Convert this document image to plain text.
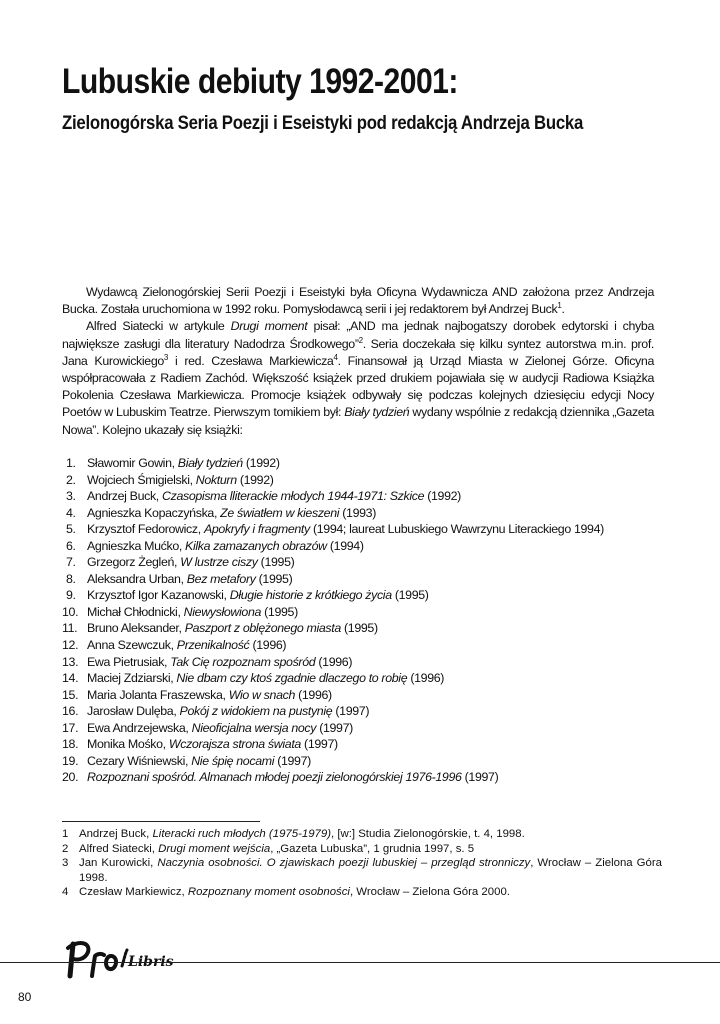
Lubuskie debiuty 1992-2001:
Zielonogórska Seria Poezji i Eseistyki pod redakcją Andrzeja Bucka

Wydawcą Zielonogórskiej Serii Poezji i Eseistyki była Oficyna Wydawnicza AND założona przez Andrzeja Bucka. Została uruchomiona w 1992 roku. Pomysłodawcą serii i jej redaktorem był Andrzej Buck$^1$.

Alfred Siatecki w artykule Drugi moment pisał: „AND ma jednak najbogatszy dorobek edytorski i chyba największe zasługi dla literatury Nadodrza Środkowego”$^2$. Seria doczekała się kilku syntez autorstwa m.in. prof. Jana Kurowickiego$^3$ i red. Czesława Markiewicza$^4$. Finansował ją Urząd Miasta w Zielonej Górze. Oficyna współpracowała z Radiem Zachód. Większość książek przed drukiem pojawiała się w audycji Radiowa Książka Pokolenia Czesława Markiewicza. Promocje książek odbywały się podczas kolejnych dziesięciu edycji Nocy Poetów w Lubuskim Teatrze. Pierwszym tomikiem był: Biały tydzień wydany wspólnie z redakcją dziennika „Gazeta Nowa”. Kolejno ukazały się książki:

1. Sławomir Gowin, Biały tydzień (1992)
2. Wojciech Śmigielski, Nokturn (1992)
3. Andrzej Buck, Czasopisma lliterackie młodych 1944-1971: Szkice (1992)
4. Agnieszka Kopaczyńska, Ze światłem w kieszeni (1993)
5. Krzysztof Fedorowicz, Apokryfy i fragmenty (1994; laureat Lubuskiego Wawrzynu Literackiego 1994)
6. Agnieszka Mućko, Kilka zamazanych obrazów (1994)
7. Grzegorz Żegleń, W lustrze ciszy (1995)
8. Aleksandra Urban, Bez metafory (1995)
9. Krzysztof Igor Kazanowski, Długie historie z krótkiego życia (1995)
10. Michał Chłodnicki, Niewysłowiona (1995)
11. Bruno Aleksander, Paszport z oblężonego miasta (1995)
12. Anna Szewczuk, Przenikalność (1996)
13. Ewa Pietrusiak, Tak Cię rozpoznam spośród (1996)
14. Maciej Zdziarski, Nie dbam czy ktoś zgadnie dlaczego to robię (1996)
15. Maria Jolanta Fraszewska, Wio w snach (1996)
16. Jarosław Dulęba, Pokój z widokiem na pustynię (1997)
17. Ewa Andrzejewska, Nieoficjalna wersja nocy (1997)
18. Monika Mośko, Wczorajsza strona świata (1997)
19. Cezary Wiśniewski, Nie śpię nocami (1997)
20. Rozpoznani spośród. Almanach młodej poezji zielonogórskiej 1976-1996 (1997)
1 Andrzej Buck, Literacki ruch młodych (1975-1979), [w:] Studia Zielonogórskie, t. 4, 1998.
2 Alfred Siatecki, Drugi moment wejścia, „Gazeta Lubuska”, 1 grudnia 1997, s. 5
3 Jan Kurowicki, Naczynia osobności. O zjawiskach poezji lubuskiej – przegląd stronniczy, Wrocław – Zielona Góra 1998.
4 Czesław Markiewicz, Rozpoznany moment osobności, Wrocław – Zielona Góra 2000.
Libris
80
